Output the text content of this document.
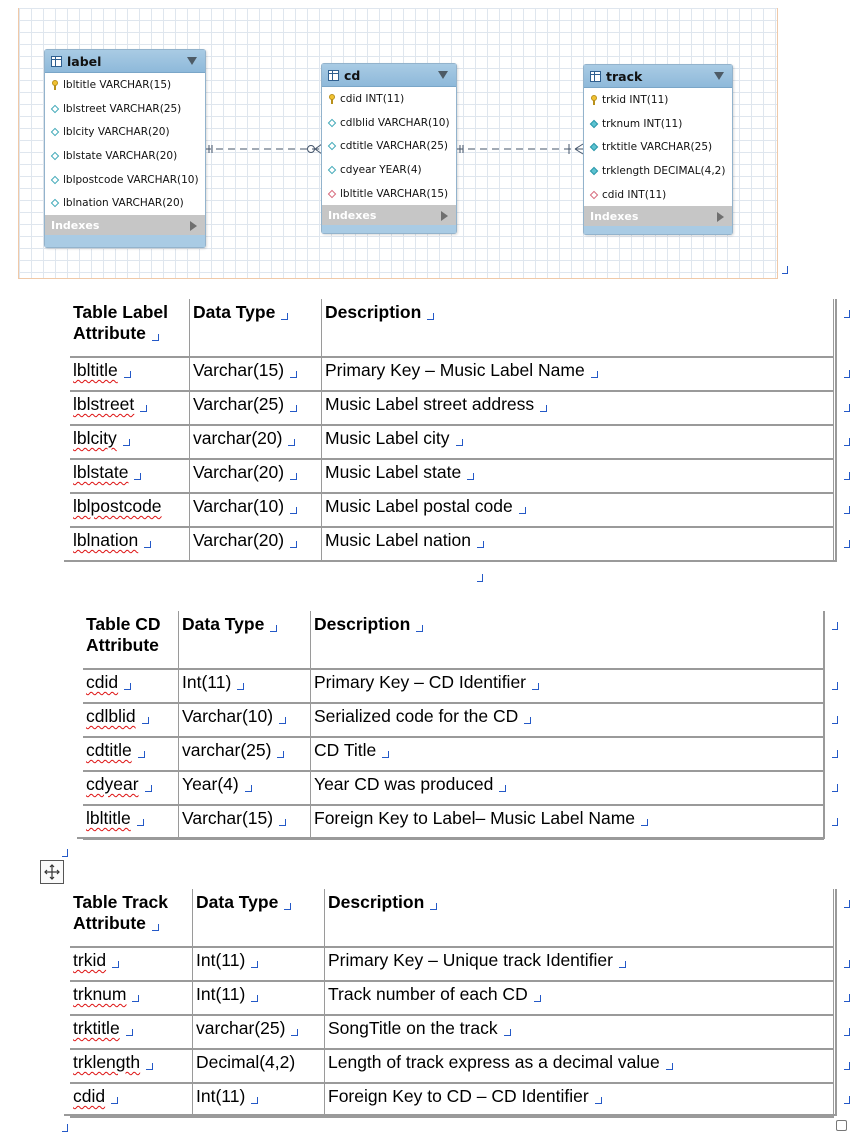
label
lbltitle VARCHAR(15)
lblstreet VARCHAR(25)
lblcity VARCHAR(20)
lblstate VARCHAR(20)
lblpostcode VARCHAR(10)
lblnation VARCHAR(20)
Indexes
cd
cdid INT(11)
cdlblid VARCHAR(10)
cdtitle VARCHAR(25)
cdyear YEAR(4)
lbltitle VARCHAR(15)
Indexes
track
trkid INT(11)
trknum INT(11)
trktitle VARCHAR(25)
trklength DECIMAL(4,2)
cdid INT(11)
Indexes
Table Label
Attribute	Data Type	Description
lbltitle	Varchar(15)	Primary Key – Music Label Name
lblstreet	Varchar(25)	Music Label street address
lblcity	varchar(20)	Music Label city
lblstate	Varchar(20)	Music Label state
lblpostcode	Varchar(10)	Music Label postal code
lblnation	Varchar(20)	Music Label nation
Table CD
Attribute	Data Type	Description
cdid	Int(11)	Primary Key – CD Identifier
cdlblid	Varchar(10)	Serialized code for the CD
cdtitle	varchar(25)	CD Title
cdyear	Year(4)	Year CD was produced
lbltitle	Varchar(15)	Foreign Key to Label– Music Label Name
Table Track
Attribute	Data Type	Description
trkid	Int(11)	Primary Key – Unique track Identifier
trknum	Int(11)	Track number of each CD
trktitle	varchar(25)	SongTitle on the track
trklength	Decimal(4,2)	Length of track express as a decimal value
cdid	Int(11)	Foreign Key to CD – CD Identifier
